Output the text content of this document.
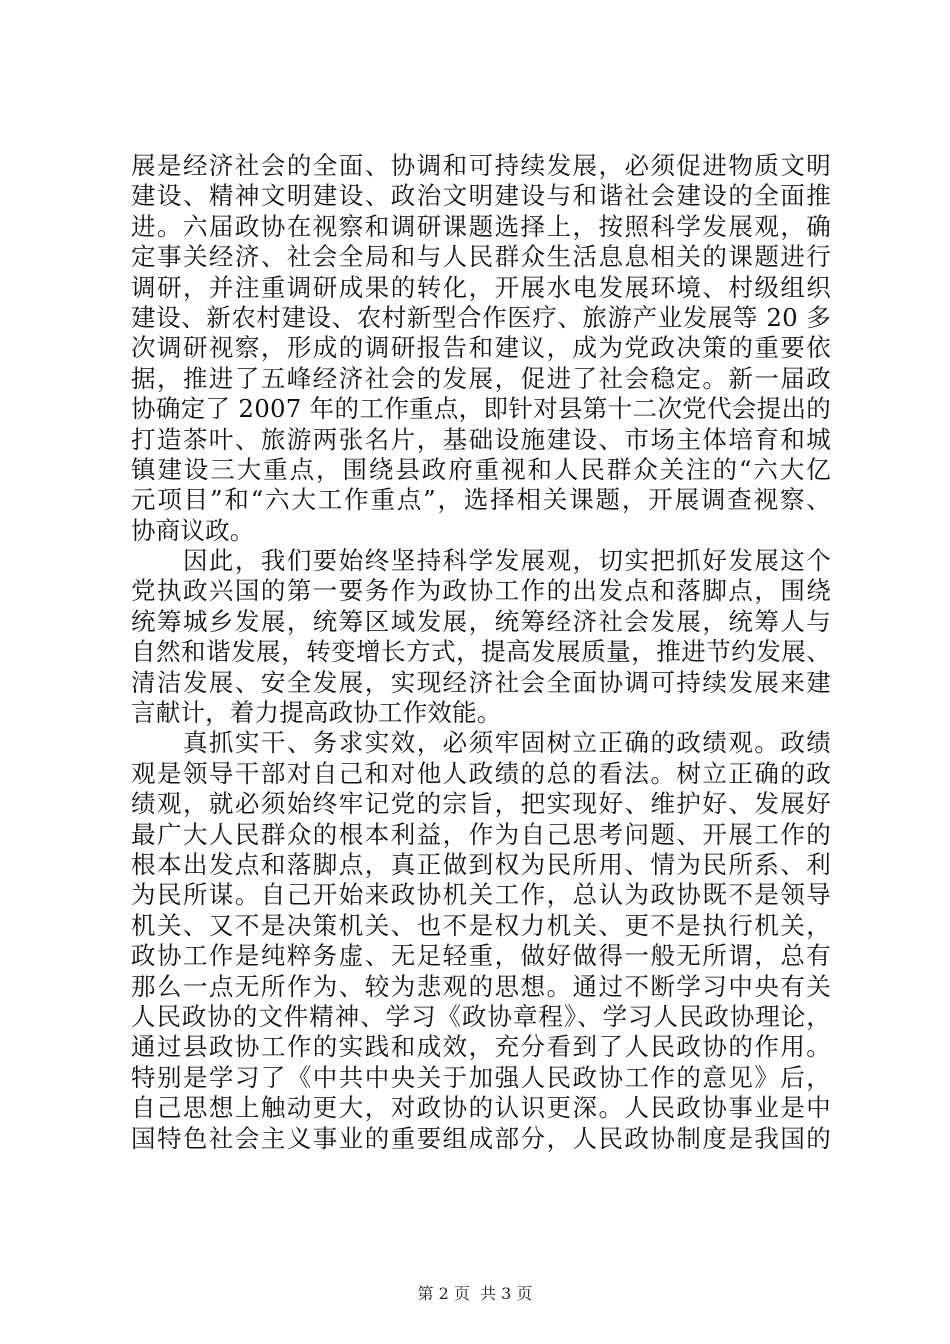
展是经济社会的全面、协调和可持续发展，必须促进物质文明
建设、精神文明建设、政治文明建设与和谐社会建设的全面推
进。六届政协在视察和调研课题选择上，按照科学发展观，确
定事关经济、社会全局和与人民群众生活息息相关的课题进行
调研，并注重调研成果的转化，开展水电发展环境、村级组织
建设、新农村建设、农村新型合作医疗、旅游产业发展等 20 多
次调研视察，形成的调研报告和建议，成为党政决策的重要依
据，推进了五峰经济社会的发展，促进了社会稳定。新一届政
协确定了 2007 年的工作重点，即针对县第十二次党代会提出的
打造茶叶、旅游两张名片，基础设施建设、市场主体培育和城
镇建设三大重点，围绕县政府重视和人民群众关注的“六大亿
元项目”和“六大工作重点”，选择相关课题，开展调查视察、
协商议政。
　　因此，我们要始终坚持科学发展观，切实把抓好发展这个
党执政兴国的第一要务作为政协工作的出发点和落脚点，围绕
统筹城乡发展，统筹区域发展，统筹经济社会发展，统筹人与
自然和谐发展，转变增长方式，提高发展质量，推进节约发展、
清洁发展、安全发展，实现经济社会全面协调可持续发展来建
言献计，着力提高政协工作效能。
　　真抓实干、务求实效，必须牢固树立正确的政绩观。政绩
观是领导干部对自己和对他人政绩的总的看法。树立正确的政
绩观，就必须始终牢记党的宗旨，把实现好、维护好、发展好
最广大人民群众的根本利益，作为自己思考问题、开展工作的
根本出发点和落脚点，真正做到权为民所用、情为民所系、利
为民所谋。自己开始来政协机关工作，总认为政协既不是领导
机关、又不是决策机关、也不是权力机关、更不是执行机关，
政协工作是纯粹务虚、无足轻重，做好做得一般无所谓，总有
那么一点无所作为、较为悲观的思想。通过不断学习中央有关
人民政协的文件精神、学习《政协章程》、学习人民政协理论，
通过县政协工作的实践和成效，充分看到了人民政协的作用。
特别是学习了《中共中央关于加强人民政协工作的意见》后，
自己思想上触动更大，对政协的认识更深。人民政协事业是中
国特色社会主义事业的重要组成部分，人民政协制度是我国的
第 2 页  共 3 页
